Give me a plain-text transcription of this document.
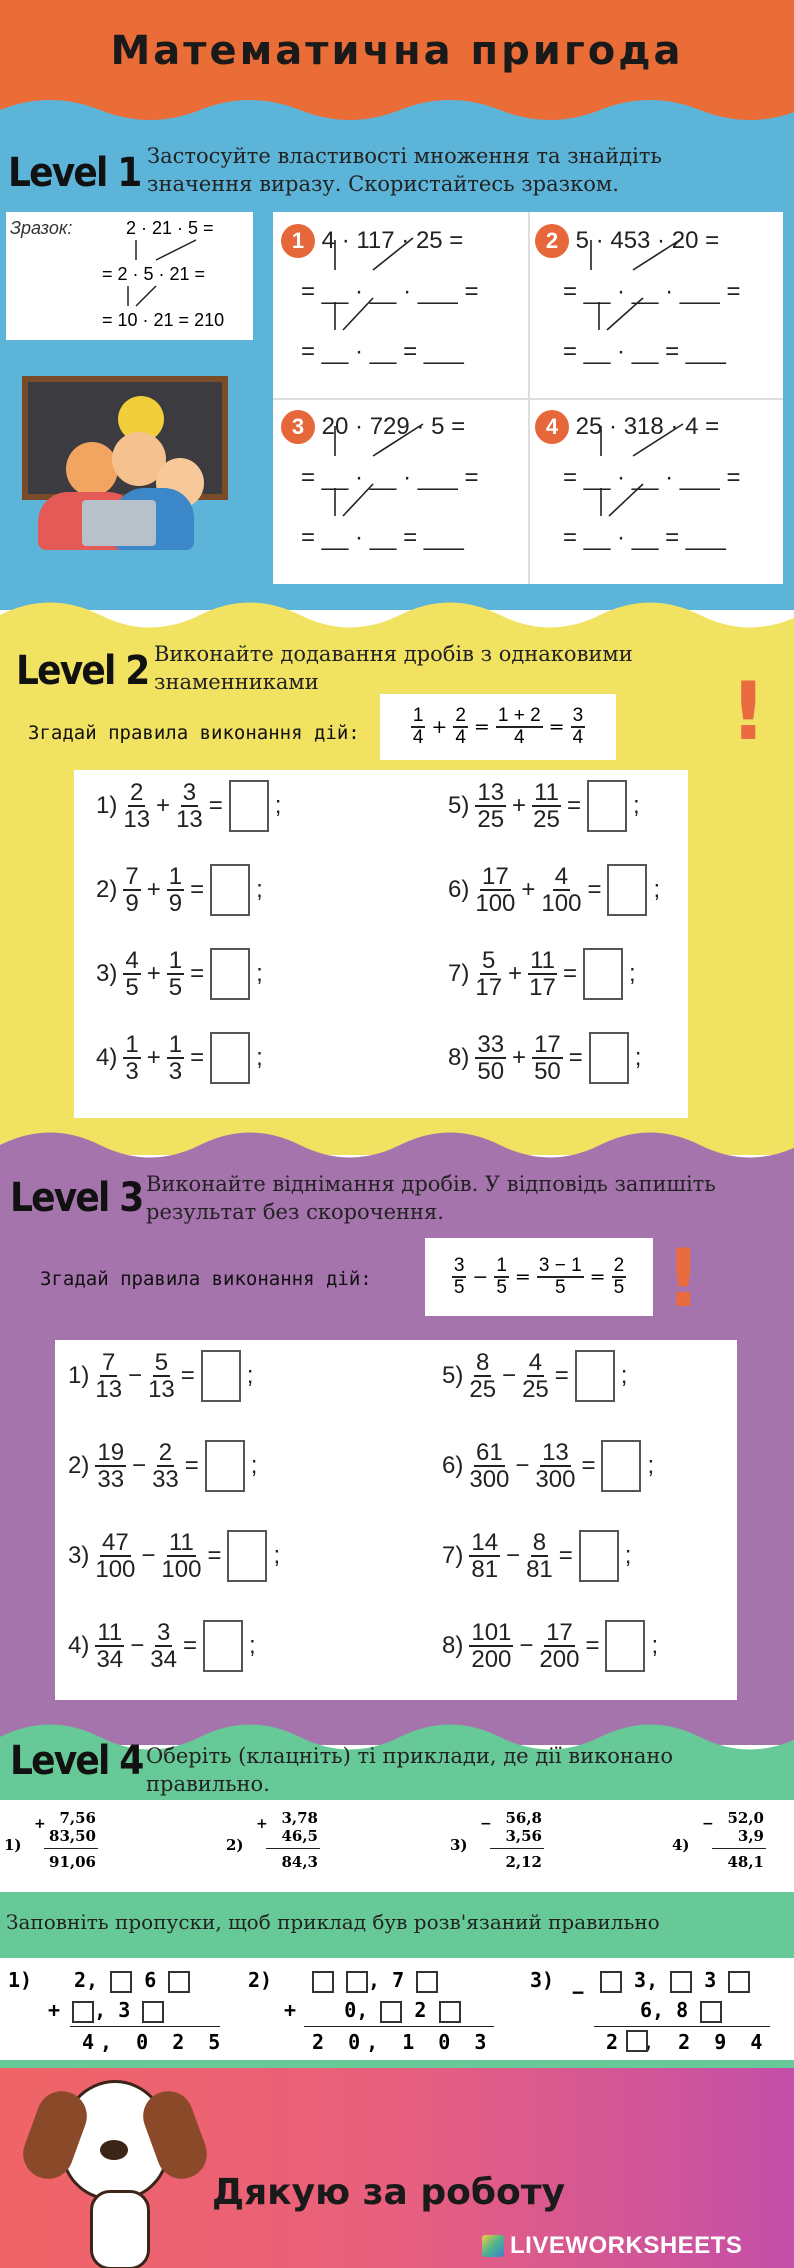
Математична пригода
Level 1 Застосуйте властивості множення та знайдіть значення виразу. Скористайтесь зразком.
Зразок:	2 · 21 · 5 =
= 2 · 5 · 21 =
= 10 · 21 = 210
1 4 · 117 · 25 =
= __ · __ · ___ =
= __ · __ = ___
2 5 · 453 · 20 =
= __ · __ · ___ =
= __ · __ = ___
3 20 · 729 · 5 =
= __ · __ · ___ =
= __ · __ = ___
4 25 · 318 · 4 =
= __ · __ · ___ =
= __ · __ = ___
Level 2 Виконайте додавання дробів з однаковими знаменниками
Згадай правила виконання дій:	$\frac{1}{4} + \frac{2}{4} = \frac{1 + 2}{4} = \frac{3}{4}$ !
Level 3 Виконайте віднімання дробів. У відповідь запишіть результат без скорочення.
Згадай правила виконання дій:	$\frac{3}{5} - \frac{1}{5} = \frac{3 - 1}{5} = \frac{2}{5}$ !
$1) \frac{2}{13} + \frac{3}{13}$ = ;
$2) \frac{7}{9} + \frac{1}{9}$ = ;
$3) \frac{4}{5} + \frac{1}{5}$ = ;
$4) \frac{1}{3} + \frac{1}{3}$ = ;
$5) \frac{13}{25} + \frac{11}{25}$ = ;
$6) \frac{17}{100} + \frac{4}{100}$ = ;
$7) \frac{5}{17} + \frac{11}{17}$ = ;
$8) \frac{33}{50} + \frac{17}{50}$ = ;
$1) \frac{7}{13} - \frac{5}{13}$ = ;
$2) \frac{19}{33} - \frac{2}{33}$ = ;
$3) \frac{47}{100} - \frac{11}{100}$ = ;
$4) \frac{11}{34} - \frac{3}{34}$ = ;
$5) \frac{8}{25} - \frac{4}{25}$ = ;
$6) \frac{61}{300} - \frac{13}{300}$ = ;
$7) \frac{14}{81} - \frac{8}{81}$ = ;
$8) \frac{101}{200} - \frac{17}{200}$ = ;
Level 4 Оберіть (клацніть) ті приклади, де дії виконано правильно.
1)
+ 7,56
83,50
91,06
2)
+ 3,78
46,5
84,3
3)
− 56,8
3,56
2,12
4)
− 52,0
3,9
48,1
Заповніть пропуски, щоб приклад був розв'язаний правильно
1) 2, 6
+ , 3
4, 0 2 5
2)	, 7
+ 0, 2
2 0, 1 0 3
3) −	3, 3
6, 8
2 , 2 9 4
Дякую за роботу
LIVEWORKSHEETS
